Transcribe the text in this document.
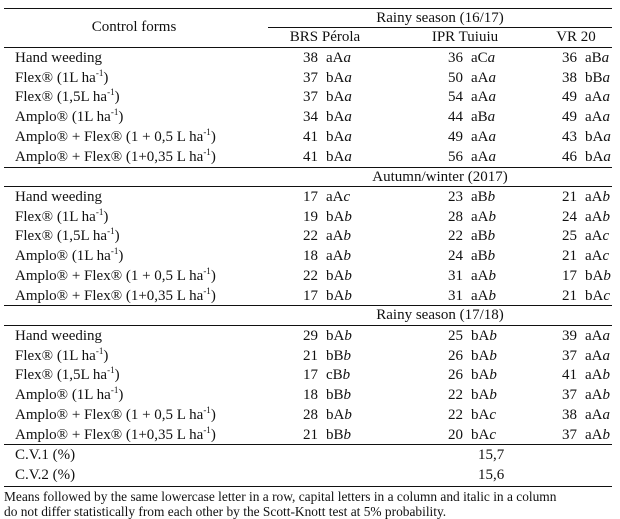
Control forms
Rainy season (16/17)
BRS Pérola	IPR Tuiuiu	VR 20
Hand weeding	38 aAa	36 aCa	36 aBa
Flex® (1L $ha^{-1}$)	37 bAa	50 aAa	38 bBa
Flex® (1,5L $ha^{-1}$)	37 bAa	54 aAa	49 aAa
Amplo® (1L $ha^{-1}$)	34 bAa	44 aBa	49 aAa
Amplo® + Flex® (1 + 0,5 L $ha^{-1}$)	41 bAa	49 aAa	43 bAa
Amplo® + Flex® (1+0,35 L $ha^{-1}$)	41 bAa	56 aAa	46 bAa
Autumn/winter (2017)
Hand weeding	17 aAc	23 aBb	21 aAb
Flex® (1L $ha^{-1}$)	19 bAb	28 aAb	24 aAb
Flex® (1,5L $ha^{-1}$)	22 aAb	22 aBb	25 aAc
Amplo® (1L $ha^{-1}$)	18 aAb	24 aBb	21 aAc
Amplo® + Flex® (1 + 0,5 L $ha^{-1}$)	22 bAb	31 aAb	17 bAb
Amplo® + Flex® (1+0,35 L $ha^{-1}$)	17 bAb	31 aAb	21 bAc
Rainy season (17/18)
Hand weeding	29 bAb	25 bAb	39 aAa
Flex® (1L $ha^{-1}$)	21 bBb	26 bAb	37 aAa
Flex® (1,5L $ha^{-1}$)	17 cBb	26 bAb	41 aAb
Amplo® (1L $ha^{-1}$)	18 bBb	22 bAb	37 aAb
Amplo® + Flex® (1 + 0,5 L $ha^{-1}$)	28 bAb	22 bAc	38 aAa
Amplo® + Flex® (1+0,35 L $ha^{-1}$)	21 bBb	20 bAc	37 aAb
C.V.1 (%)	15,7
C.V.2 (%)	15,6
Means followed by the same lowercase letter in a row, capital letters in a column and italic in a column
do not differ statistically from each other by the Scott-Knott test at 5% probability.
